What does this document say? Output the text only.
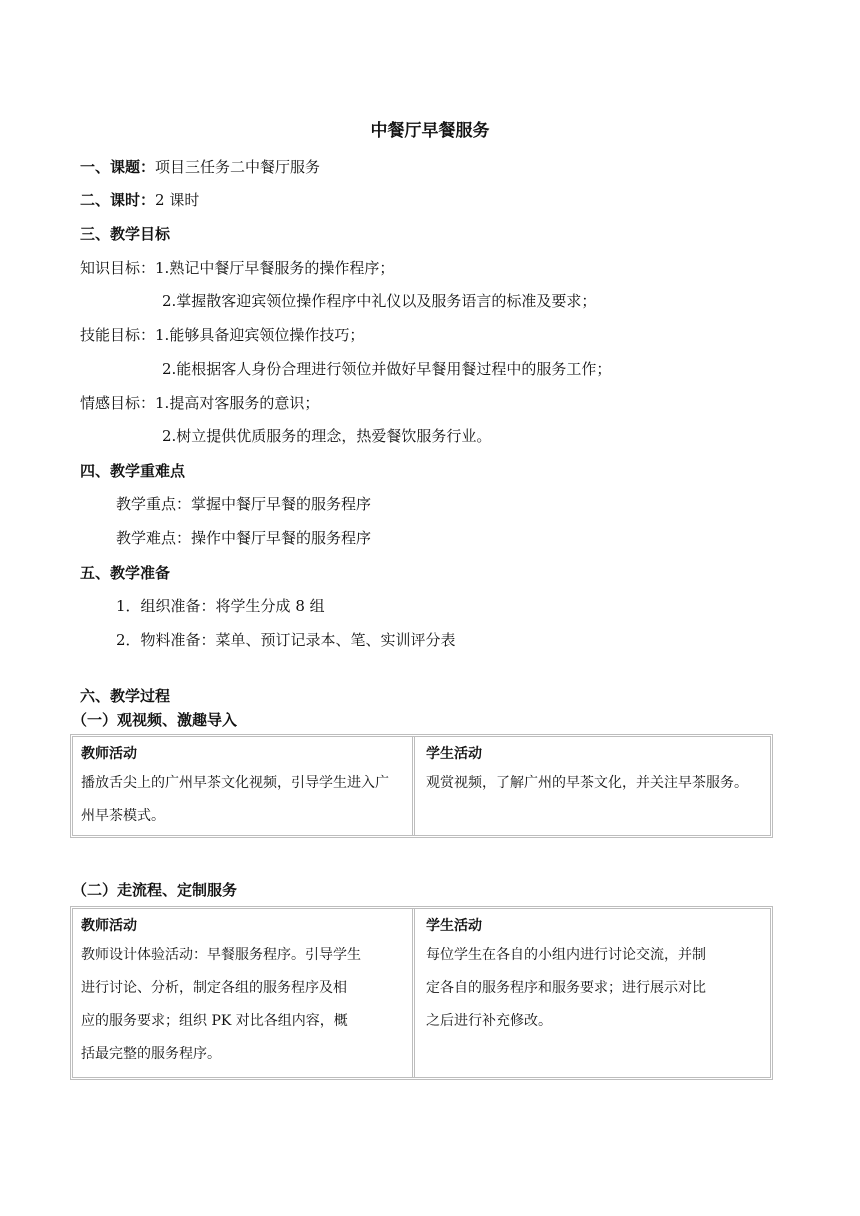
中餐厅早餐服务
一、课题：项目三任务二中餐厅服务
二、课时：2 课时
三、教学目标
知识目标：1.熟记中餐厅早餐服务的操作程序；
2.掌握散客迎宾领位操作程序中礼仪以及服务语言的标准及要求；
技能目标：1.能够具备迎宾领位操作技巧；
2.能根据客人身份合理进行领位并做好早餐用餐过程中的服务工作；
情感目标：1.提高对客服务的意识；
2.树立提供优质服务的理念，热爱餐饮服务行业。
四、教学重难点
教学重点：掌握中餐厅早餐的服务程序
教学难点：操作中餐厅早餐的服务程序
五、教学准备
1．组织准备：将学生分成 8 组
2．物料准备：菜单、预订记录本、笔、实训评分表
六、教学过程
（一）观视频、激趣导入
教师活动
播放舌尖上的广州早茶文化视频，引导学生进入广
州早茶模式。
学生活动
观赏视频，了解广州的早茶文化，并关注早茶服务。
（二）走流程、定制服务
教师活动
教师设计体验活动：早餐服务程序。引导学生
进行讨论、分析，制定各组的服务程序及相
应的服务要求；组织 PK 对比各组内容，概
括最完整的服务程序。
学生活动
每位学生在各自的小组内进行讨论交流，并制
定各自的服务程序和服务要求；进行展示对比
之后进行补充修改。
